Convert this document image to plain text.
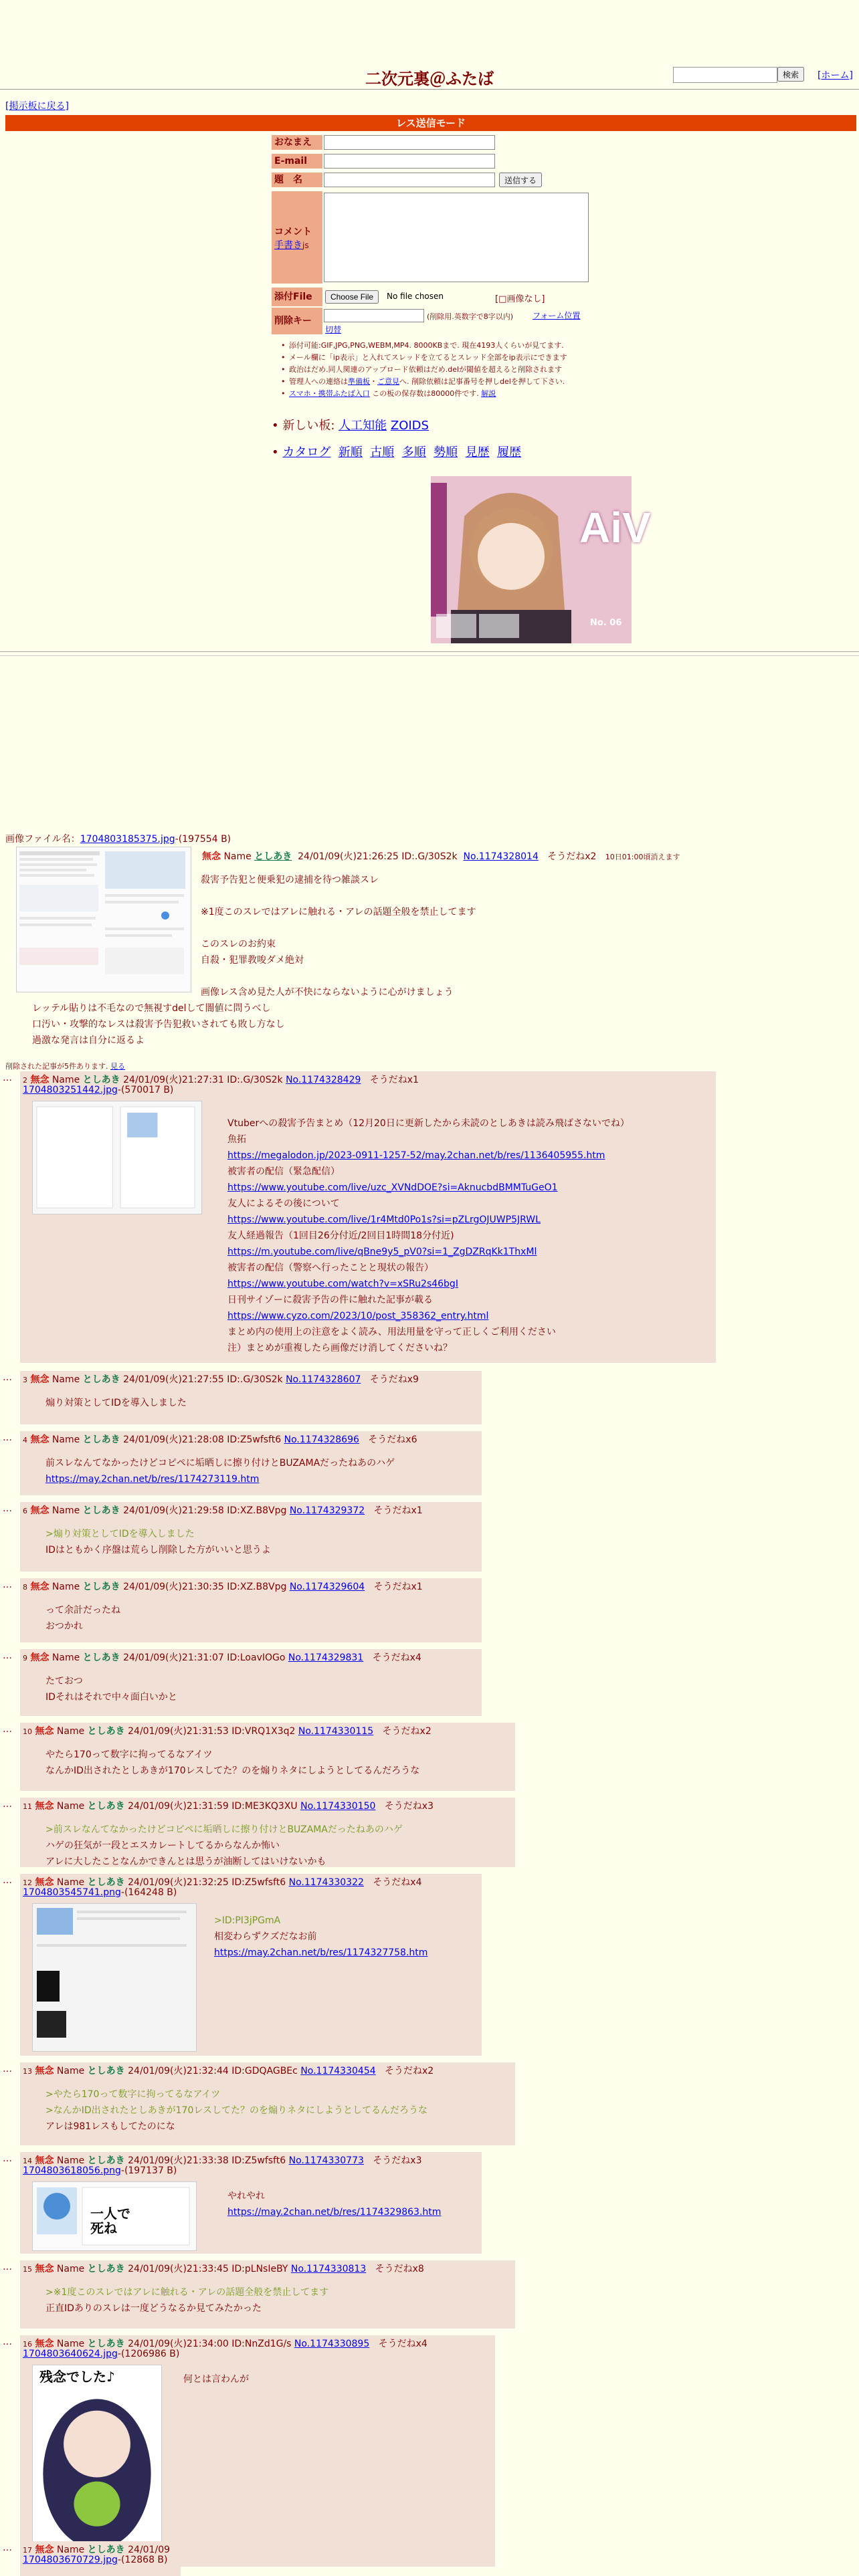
二次元裏＠ふたば	検索	[ホーム]
[掲示板に戻る]
レス送信モード
おなまえ
E-mail
題　名	送信する
コメント
手書きjs
添付File	Choose File	No file chosen	[□画像なし]
削除キー	(削除用.英数字で8字以内) フォーム位置
切替
• 添付可能:GIF,JPG,PNG,WEBM,MP4. 8000KBまで. 現在4193人くらいが見てます.
• メール欄に「ip表示」と入れてスレッドを立てるとスレッド全部をip表示にできます
• 政治はだめ.同人関連のアップロード依頼はだめ.delが閾値を超えると削除されます
• 管理人への連絡は準備板・ご意見へ. 削除依頼は記事番号を押しdelを押して下さい.
• スマホ・携帯ふたば入口 この板の保存数は80000件です. 解説
• 新しい板: 人工知能 ZOIDS
• カタログ 新順 古順 多順 勢順 見歴 履歴
AiV
No. 06
画像ファイル名：1704803185375.jpg-(197554 B)
無念 Name としあき 24/01/09(火)21:26:25 ID:.G/30S2k No.1174328014 そうだねx2 10日01:00頃消えます
殺害予告犯と便乗犯の逮捕を待つ雑談スレ
※1度このスレではアレに触れる・アレの話題全般を禁止してます
このスレのお約束
自殺・犯罪教唆ダメ絶対
画像レス含め見た人が不快にならないように心がけましょう
レッテル貼りは不毛なので無視すdelして闇値に問うべし
口汚い・攻撃的なレスは殺害予告犯救いされても敗し方なし
過激な発言は自分に返るよ
削除された記事が5件あります. 見る
… 2 無念 Name としあき 24/01/09(火)21:27:31 ID:.G/30S2k No.1174328429 そうだねx1
1704803251442.jpg-(570017 B)
Vtuberへの殺害予告まとめ（12月20日に更新したから未読のとしあきは読み飛ばさないでね）
魚拓
https://megalodon.jp/2023-0911-1257-52/may.2chan.net/b/res/1136405955.htm
被害者の配信（緊急配信）
https://www.youtube.com/live/uzc_XVNdDOE?si=AknucbdBMMTuGeO1
友人によるその後について
https://www.youtube.com/live/1r4Mtd0Po1s?si=pZLrgOJUWP5JRWL
友人経過報告（1回目26分付近/2回目1時間18分付近)
https://m.youtube.com/live/qBne9y5_pV0?si=1_ZgDZRqKk1ThxMl
被害者の配信（警察へ行ったことと現状の報告）
https://www.youtube.com/watch?v=xSRu2s46bgI
日刊サイゾーに殺害予告の件に触れた記事が載る
https://www.cyzo.com/2023/10/post_358362_entry.html
まとめ内の使用上の注意をよく読み、用法用量を守って正しくご利用ください
注）まとめが重複したら画像だけ消してくださいね？
… 3 無念 Name としあき 24/01/09(火)21:27:55 ID:.G/30S2k No.1174328607 そうだねx9
煽り対策としてIDを導入しました
… 4 無念 Name としあき 24/01/09(火)21:28:08 ID:Z5wfsft6 No.1174328696 そうだねx6
前スレなんてなかったけどコピペに垢晒しに擦り付けとBUZAMAだったねあのハゲ
https://may.2chan.net/b/res/1174273119.htm
… 6 無念 Name としあき 24/01/09(火)21:29:58 ID:XZ.B8Vpg No.1174329372 そうだねx1
>煽り対策としてIDを導入しました
IDはともかく序盤は荒らし削除した方がいいと思うよ
… 8 無念 Name としあき 24/01/09(火)21:30:35 ID:XZ.B8Vpg No.1174329604 そうだねx1
って余計だったね
おつかれ
… 9 無念 Name としあき 24/01/09(火)21:31:07 ID:LoavIOGo No.1174329831 そうだねx4
たておつ
IDそれはそれで中々面白いかと
… 10 無念 Name としあき 24/01/09(火)21:31:53 ID:VRQ1X3q2 No.1174330115 そうだねx2
やたら170って数字に拘ってるなアイツ
なんかID出されたとしあきが170レスしてた？のを煽りネタにしようとしてるんだろうな
… 11 無念 Name としあき 24/01/09(火)21:31:59 ID:ME3KQ3XU No.1174330150 そうだねx3
>前スレなんてなかったけどコピペに垢晒しに擦り付けとBUZAMAだったねあのハゲ
ハゲの狂気が一段とエスカレートしてるからなんか怖い
アレに大したことなんかできんとは思うが油断してはいけないかも
… 12 無念 Name としあき 24/01/09(火)21:32:25 ID:Z5wfsft6 No.1174330322 そうだねx4
1704803545741.png-(164248 B)
>ID:PI3jPGmA
相変わらずクズだなお前
https://may.2chan.net/b/res/1174327758.htm
… 13 無念 Name としあき 24/01/09(火)21:32:44 ID:GDQAGBEc No.1174330454 そうだねx2
>やたら170って数字に拘ってるなアイツ
>なんかID出されたとしあきが170レスしてた？のを煽りネタにしようとしてるんだろうな
アレは981レスもしてたのにな
… 14 無念 Name としあき 24/01/09(火)21:33:38 ID:Z5wfsft6 No.1174330773 そうだねx3
1704803618056.png-(197137 B)
一人で
死ね
やれやれ
https://may.2chan.net/b/res/1174329863.htm
… 15 無念 Name としあき 24/01/09(火)21:33:45 ID:pLNsIeBY No.1174330813 そうだねx8
>※1度このスレではアレに触れる・アレの話題全般を禁止してます
正直IDありのスレは一度どうなるか見てみたかった
… 16 無念 Name としあき 24/01/09(火)21:34:00 ID:NnZd1G/s No.1174330895 そうだねx4
1704803640624.jpg-(1206986 B)
残念でした♪	何とは言わんが
… 17 無念 Name としあき 24/01/09
1704803670729.jpg-(12868 B)
